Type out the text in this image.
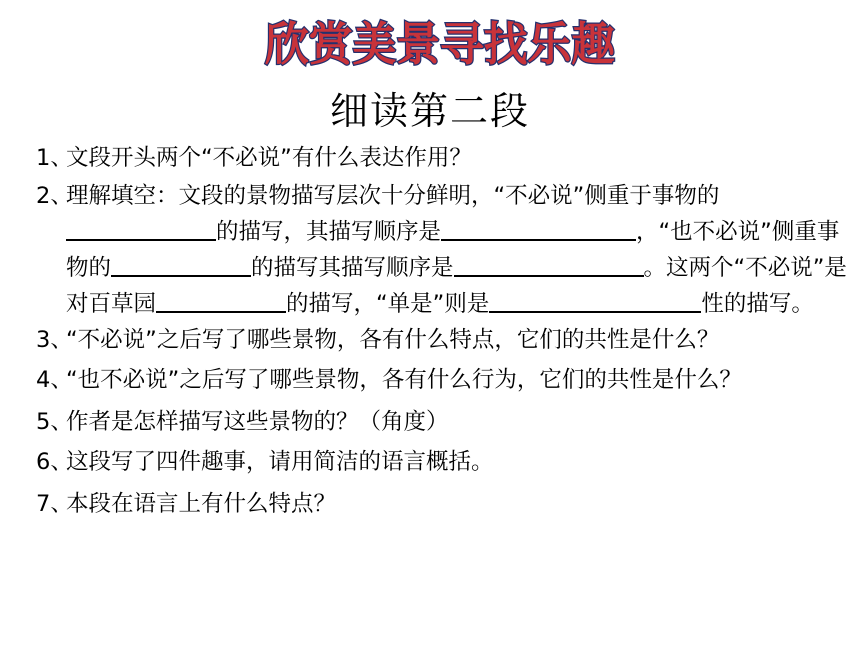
欣赏美景寻找乐趣
细读第二段
1、
文段开头两个“不必说”有什么表达作用？
2、
理解填空：文段的景物描写层次十分鲜明，“不必说”侧重于事物的的描写，其描写顺序是	，“也不必说”侧重事物的	的描写其描写顺序是	。这两个“不必说”是对百草园	的描写，“单是”则是	性的描写。
3、
“不必说”之后写了哪些景物，各有什么特点，它们的共性是什么？
4、
“也不必说”之后写了哪些景物，各有什么行为，它们的共性是什么？
5、
作者是怎样描写这些景物的？（角度）
6、
这段写了四件趣事，请用简洁的语言概括。
7、
本段在语言上有什么特点？
